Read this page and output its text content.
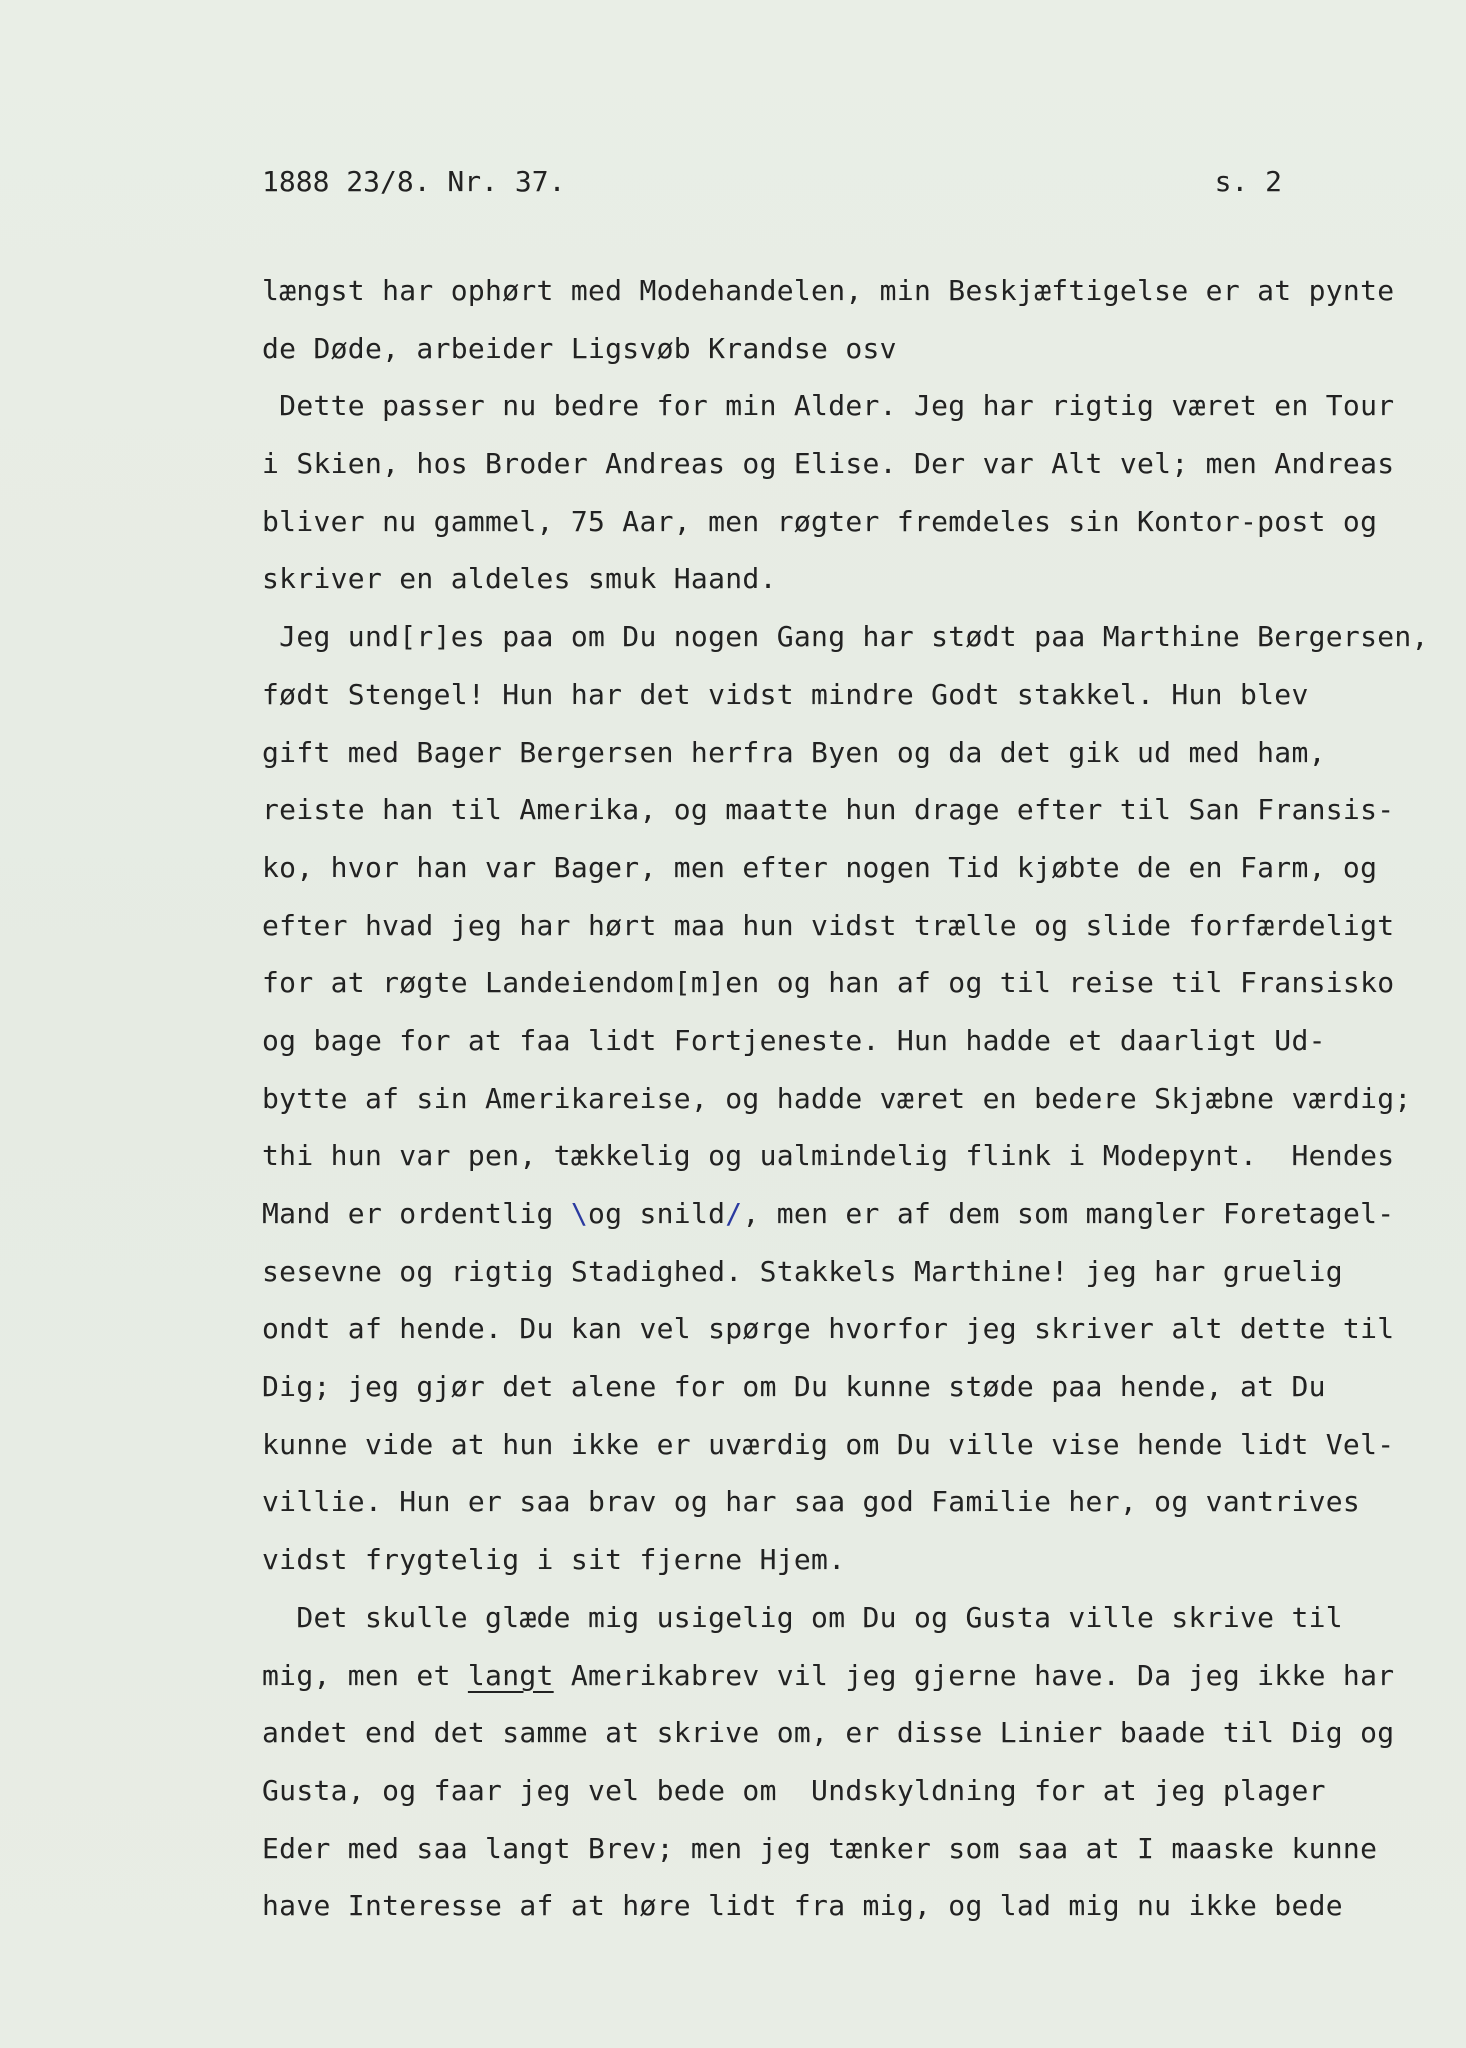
1888 23/8. Nr. 37.	s. 2
længst har ophørt med Modehandelen, min Beskjæftigelse er at pynte
de Døde, arbeider Ligsvøb Krandse osv
Dette passer nu bedre for min Alder. Jeg har rigtig været en Tour
i Skien, hos Broder Andreas og Elise. Der var Alt vel; men Andreas
bliver nu gammel, 75 Aar, men røgter fremdeles sin Kontor-post og
skriver en aldeles smuk Haand.
Jeg und[r]es paa om Du nogen Gang har stødt paa Marthine Bergersen,
født Stengel! Hun har det vidst mindre Godt stakkel. Hun blev
gift med Bager Bergersen herfra Byen og da det gik ud med ham,
reiste han til Amerika, og maatte hun drage efter til San Fransis-
ko, hvor han var Bager, men efter nogen Tid kjøbte de en Farm, og
efter hvad jeg har hørt maa hun vidst trælle og slide forfærdeligt
for at røgte Landeiendom[m]en og han af og til reise til Fransisko
og bage for at faa lidt Fortjeneste. Hun hadde et daarligt Ud-
bytte af sin Amerikareise, og hadde været en bedere Skjæbne værdig;
thi hun var pen, tækkelig og ualmindelig flink i Modepynt.  Hendes
Mand er ordentlig \og snild/, men er af dem som mangler Foretagel-
sesevne og rigtig Stadighed. Stakkels Marthine! jeg har gruelig
ondt af hende. Du kan vel spørge hvorfor jeg skriver alt dette til
Dig; jeg gjør det alene for om Du kunne støde paa hende, at Du
kunne vide at hun ikke er uværdig om Du ville vise hende lidt Vel-
villie. Hun er saa brav og har saa god Familie her, og vantrives
vidst frygtelig i sit fjerne Hjem.
Det skulle glæde mig usigelig om Du og Gusta ville skrive til
mig, men et langt Amerikabrev vil jeg gjerne have. Da jeg ikke har
andet end det samme at skrive om, er disse Linier baade til Dig og
Gusta, og faar jeg vel bede om  Undskyldning for at jeg plager
Eder med saa langt Brev; men jeg tænker som saa at I maaske kunne
have Interesse af at høre lidt fra mig, og lad mig nu ikke bede
